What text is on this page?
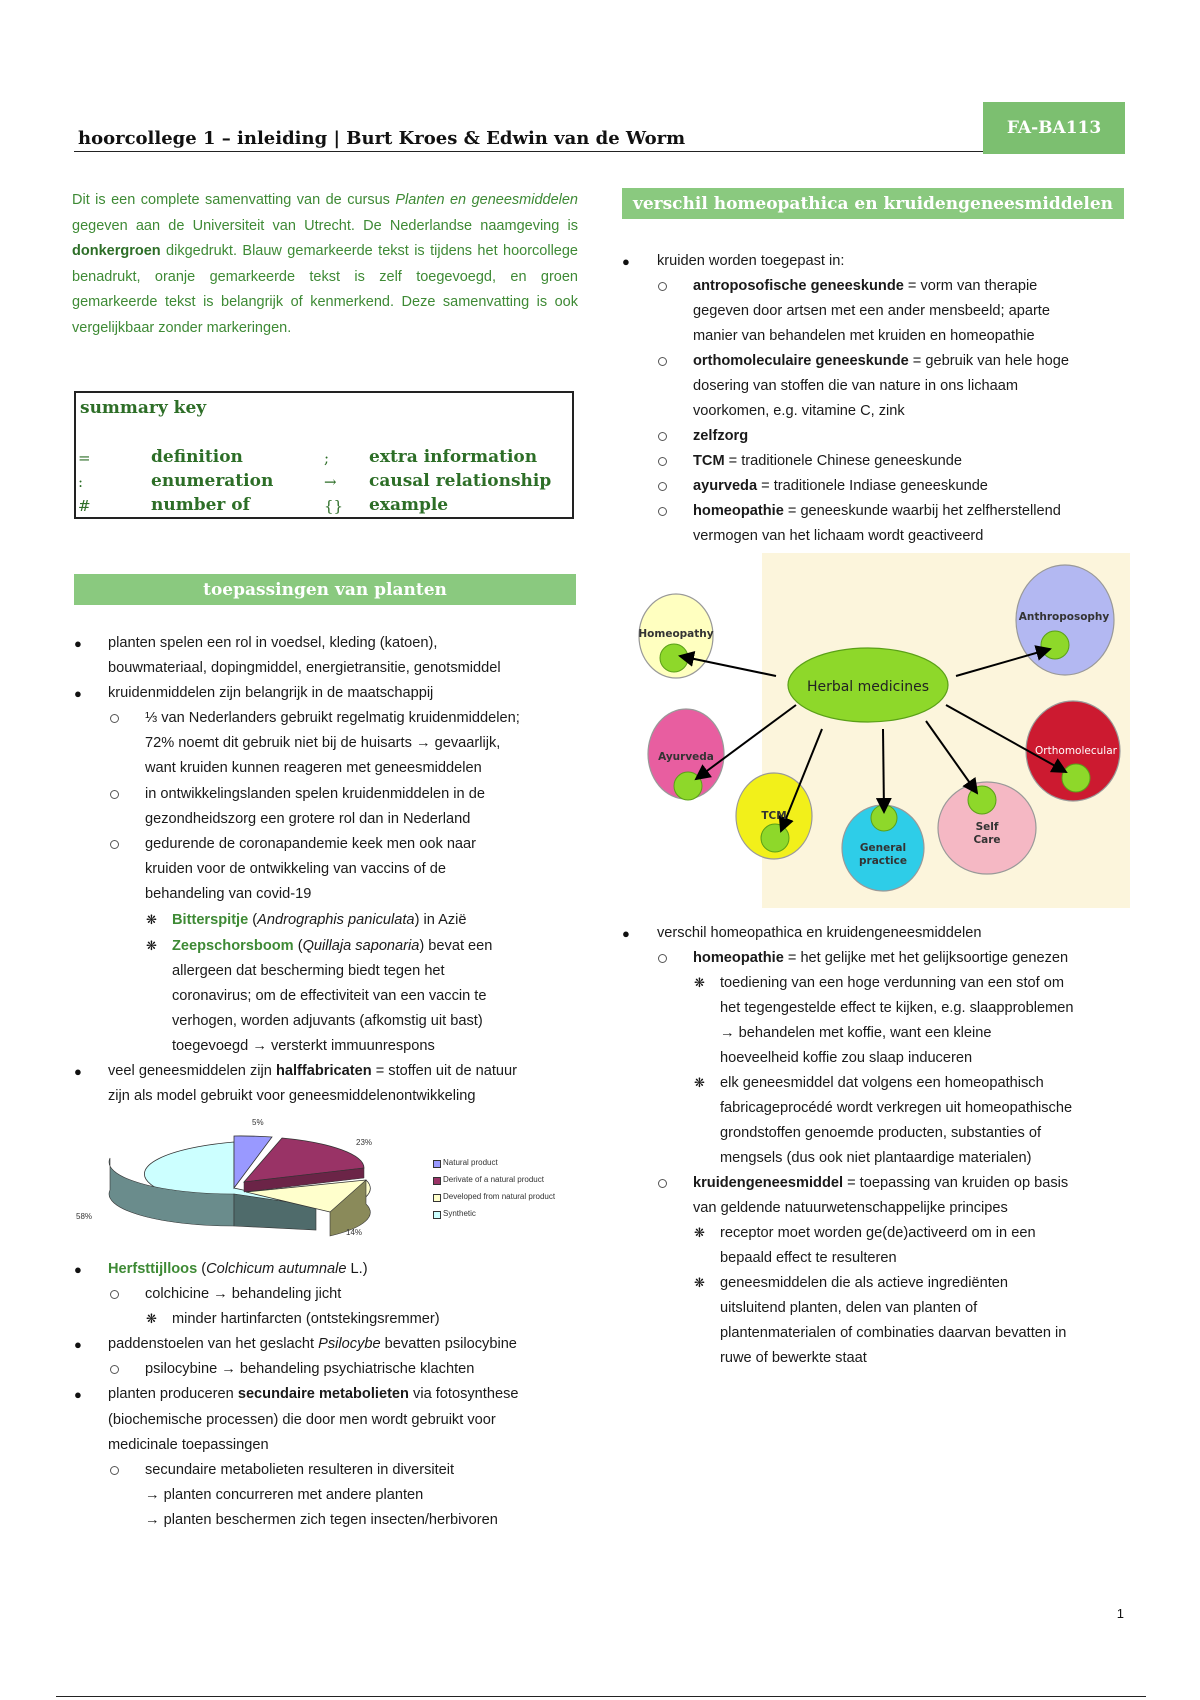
hoorcollege 1 – inleiding | Burt Kroes & Edwin van de Worm	FA-BA113
Dit is een complete samenvatting van de cursus Planten en geneesmiddelen gegeven aan de Universiteit van Utrecht. De Nederlandse naamgeving is donkergroen dikgedrukt. Blauw gemarkeerde tekst is tijdens het hoorcollege benadrukt, oranje gemarkeerde tekst is zelf toegevoegd, en groen gemarkeerde tekst is belangrijk of kenmerkend. Deze samenvatting is ook vergelijkbaar zonder markeringen.
summary key
=	definition	; extra information
:	enumeration	→ causal relationship
#	number of	{} example
toepassingen van planten
● planten spelen een rol in voedsel, kleding (katoen),
bouwmateriaal, dopingmiddel, energietransitie, genotsmiddel
● kruidenmiddelen zijn belangrijk in de maatschappij
⅓ van Nederlanders gebruikt regelmatig kruidenmiddelen;
72% noemt dit gebruik niet bij de huisarts → gevaarlijk,
want kruiden kunnen reageren met geneesmiddelen
in ontwikkelingslanden spelen kruidenmiddelen in de
gezondheidszorg een grotere rol dan in Nederland
gedurende de coronapandemie keek men ook naar
kruiden voor de ontwikkeling van vaccins of de
behandeling van covid-19
❋ Bitterspitje (Andrographis paniculata) in Azië
❋ Zeepschorsboom (Quillaja saponaria) bevat een
allergeen dat bescherming biedt tegen het
coronavirus; om de effectiviteit van een vaccin te
verhogen, worden adjuvants (afkomstig uit bast)
toegevoegd → versterkt immuunrespons
● veel geneesmiddelen zijn halffabricaten = stoffen uit de natuur
zijn als model gebruikt voor geneesmiddelenontwikkeling
5%
23%
14%
58%
Natural product
Derivate of a natural product
Developed from natural product
Synthetic
● Herfsttijlloos (Colchicum autumnale L.)
colchicine → behandeling jicht
❋ minder hartinfarcten (ontstekingsremmer)
● paddenstoelen van het geslacht Psilocybe bevatten psilocybine
psilocybine → behandeling psychiatrische klachten
● planten produceren secundaire metabolieten via fotosynthese
(biochemische processen) die door men wordt gebruikt voor
medicinale toepassingen
secundaire metabolieten resulteren in diversiteit
→ planten concurreren met andere planten
→ planten beschermen zich tegen insecten/herbivoren
verschil homeopathica en kruidengeneesmiddelen
● kruiden worden toegepast in:
antroposofische geneeskunde = vorm van therapie
gegeven door artsen met een ander mensbeeld; aparte
manier van behandelen met kruiden en homeopathie
orthomoleculaire geneeskunde = gebruik van hele hoge
dosering van stoffen die van nature in ons lichaam
voorkomen, e.g. vitamine C, zink
zelfzorg
TCM = traditionele Chinese geneeskunde
ayurveda = traditionele Indiase geneeskunde
homeopathie = geneeskunde waarbij het zelfherstellend
vermogen van het lichaam wordt geactiveerd
Homeopathy
Anthroposophy
Ayurveda	Orthomolecular
TCM
General
practice
Self
Care
Herbal medicines
● verschil homeopathica en kruidengeneesmiddelen
homeopathie = het gelijke met het gelijksoortige genezen
❋ toediening van een hoge verdunning van een stof om
het tegengestelde effect te kijken, e.g. slaapproblemen
→ behandelen met koffie, want een kleine
hoeveelheid koffie zou slaap induceren
❋ elk geneesmiddel dat volgens een homeopathisch
fabricageprocédé wordt verkregen uit homeopathische
grondstoffen genoemde producten, substanties of
mengsels (dus ook niet plantaardige materialen)
kruidengeneesmiddel = toepassing van kruiden op basis
van geldende natuurwetenschappelijke principes
❋ receptor moet worden ge(de)activeerd om in een
bepaald effect te resulteren
❋ geneesmiddelen die als actieve ingrediënten
uitsluitend planten, delen van planten of
plantenmaterialen of combinaties daarvan bevatten in
ruwe of bewerkte staat
1
